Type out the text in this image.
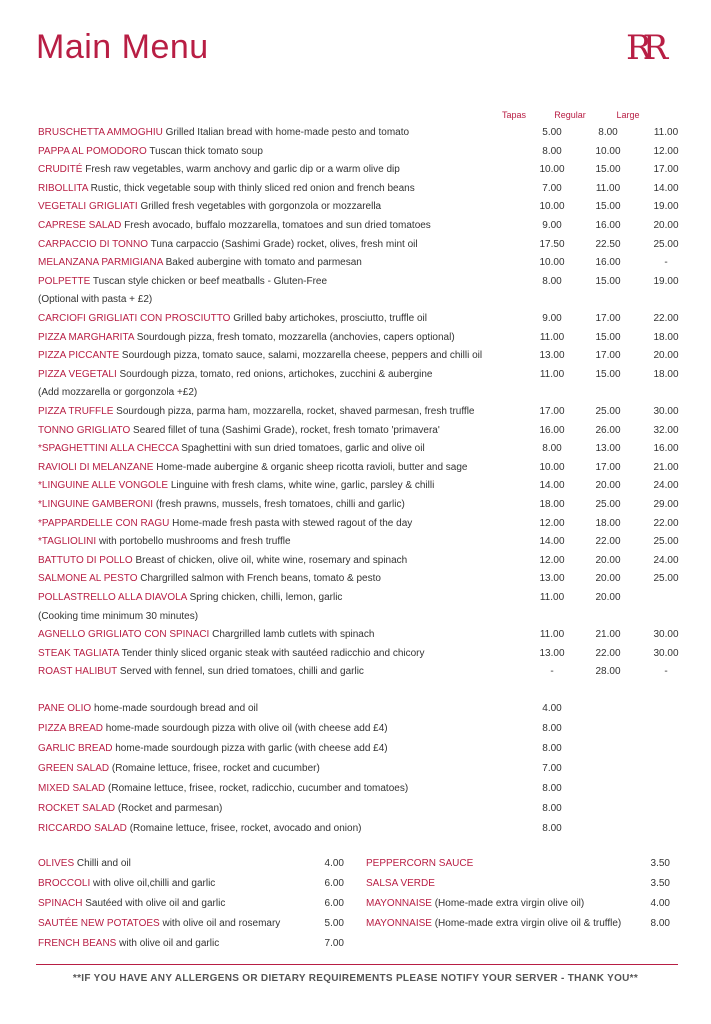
Main Menu	RR
Tapas	Regular	Large
BRUSCHETTA AMMOGHIU Grilled Italian bread with home-made pesto and tomato	5.00	8.00	11.00
PAPPA AL POMODORO Tuscan thick tomato soup	8.00	10.00	12.00
CRUDITÉ Fresh raw vegetables, warm anchovy and garlic dip or a warm olive dip	10.00	15.00	17.00
RIBOLLITA Rustic, thick vegetable soup with thinly sliced red onion and french beans	7.00	11.00	14.00
VEGETALI GRIGLIATI Grilled fresh vegetables with gorgonzola or mozzarella	10.00	15.00	19.00
CAPRESE SALAD Fresh avocado, buffalo mozzarella, tomatoes and sun dried tomatoes	9.00	16.00	20.00
CARPACCIO DI TONNO Tuna carpaccio (Sashimi Grade) rocket, olives, fresh mint oil	17.50	22.50	25.00
MELANZANA PARMIGIANA Baked aubergine with tomato and parmesan	10.00	16.00	-
POLPETTE Tuscan style chicken or beef meatballs - Gluten-Free	8.00	15.00	19.00
(Optional with pasta + £2)
CARCIOFI GRIGLIATI CON PROSCIUTTO Grilled baby artichokes, prosciutto, truffle oil	9.00	17.00	22.00
PIZZA MARGHARITA Sourdough pizza, fresh tomato, mozzarella (anchovies, capers optional)	11.00	15.00	18.00
PIZZA PICCANTE Sourdough pizza, tomato sauce, salami, mozzarella cheese, peppers and chilli oil	13.00	17.00	20.00
PIZZA VEGETALI Sourdough pizza, tomato, red onions, artichokes, zucchini & aubergine	11.00	15.00	18.00
(Add mozzarella or gorgonzola +£2)
PIZZA TRUFFLE Sourdough pizza, parma ham, mozzarella, rocket, shaved parmesan, fresh truffle	17.00	25.00	30.00
TONNO GRIGLIATO Seared fillet of tuna (Sashimi Grade), rocket, fresh tomato 'primavera'	16.00	26.00	32.00
*SPAGHETTINI ALLA CHECCA Spaghettini with sun dried tomatoes, garlic and olive oil	8.00	13.00	16.00
RAVIOLI DI MELANZANE Home-made aubergine & organic sheep ricotta ravioli, butter and sage	10.00	17.00	21.00
*LINGUINE ALLE VONGOLE Linguine with fresh clams, white wine, garlic, parsley & chilli	14.00	20.00	24.00
*LINGUINE GAMBERONI (fresh prawns, mussels, fresh tomatoes, chilli and garlic)	18.00	25.00	29.00
*PAPPARDELLE CON RAGU Home-made fresh pasta with stewed ragout of the day	12.00	18.00	22.00
*TAGLIOLINI with portobello mushrooms and fresh truffle	14.00	22.00	25.00
BATTUTO DI POLLO Breast of chicken, olive oil, white wine, rosemary and spinach	12.00	20.00	24.00
SALMONE AL PESTO Chargrilled salmon with French beans, tomato & pesto	13.00	20.00	25.00
POLLASTRELLO ALLA DIAVOLA Spring chicken, chilli, lemon, garlic	11.00	20.00
(Cooking time minimum 30 minutes)
AGNELLO GRIGLIATO CON SPINACI Chargrilled lamb cutlets with spinach	11.00	21.00	30.00
STEAK TAGLIATA Tender thinly sliced organic steak with sautéed radicchio and chicory	13.00	22.00	30.00
ROAST HALIBUT Served with fennel, sun dried tomatoes, chilli and garlic	-	28.00	-
PANE OLIO home-made sourdough bread and oil	4.00
PIZZA BREAD home-made sourdough pizza with olive oil (with cheese add £4)	8.00
GARLIC BREAD home-made sourdough pizza with garlic (with cheese add £4)	8.00
GREEN SALAD (Romaine lettuce, frisee, rocket and cucumber)	7.00
MIXED SALAD (Romaine lettuce, frisee, rocket, radicchio, cucumber and tomatoes)	8.00
ROCKET SALAD (Rocket and parmesan)	8.00
RICCARDO SALAD (Romaine lettuce, frisee, rocket, avocado and onion)	8.00
OLIVES Chilli and oil	4.00
BROCCOLI with olive oil,chilli and garlic	6.00
SPINACH Sautéed with olive oil and garlic	6.00
SAUTÉE NEW POTATOES with olive oil and rosemary	5.00
FRENCH BEANS with olive oil and garlic	7.00
PEPPERCORN SAUCE	3.50
SALSA VERDE	3.50
MAYONNAISE (Home-made extra virgin olive oil)	4.00
MAYONNAISE (Home-made extra virgin olive oil & truffle)	8.00
**IF YOU HAVE ANY ALLERGENS OR DIETARY REQUIREMENTS PLEASE NOTIFY YOUR SERVER - THANK YOU**
